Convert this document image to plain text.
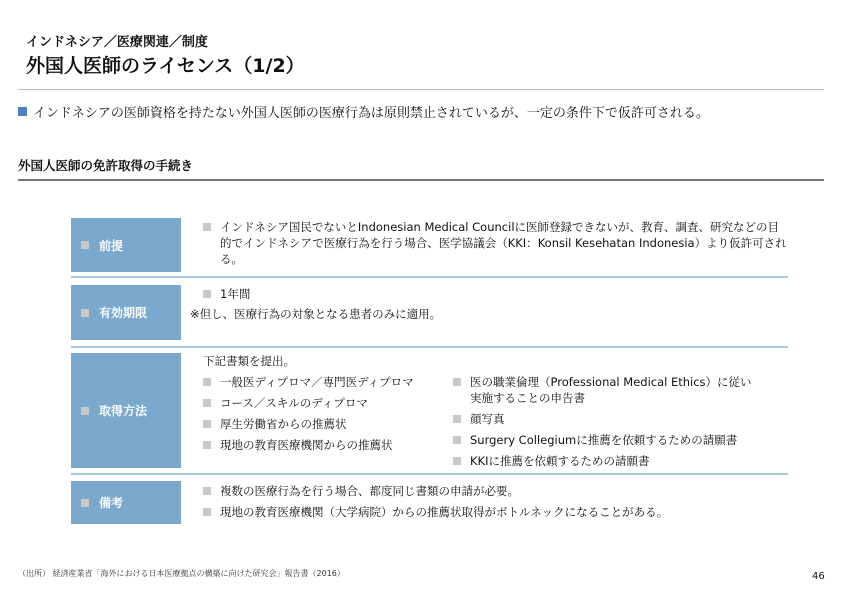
インドネシア／医療関連／制度
外国人医師のライセンス（1/2）
インドネシアの医師資格を持たない外国人医師の医療行為は原則禁止されているが、一定の条件下で仮許可される。
外国人医師の免許取得の手続き
前提
インドネシア国民でないとIndonesian Medical Councilに医師登録できないが、教育、調査、研究などの目的でインドネシアで医療行為を行う場合、医学協議会（KKI：Konsil Kesehatan Indonesia）より仮許可される。
有効期限
1年間
※但し、医療行為の対象となる患者のみに適用。
取得方法
下記書類を提出。
一般医ディプロマ／専門医ディプロマ
コース／スキルのディプロマ
厚生労働省からの推薦状
現地の教育医療機関からの推薦状
医の職業倫理（Professional Medical Ethics）に従い実施することの申告書
顔写真
Surgery Collegiumに推薦を依頼するための請願書
KKIに推薦を依頼するための請願書
備考
複数の医療行為を行う場合、都度同じ書類の申請が必要。
現地の教育医療機関（大学病院）からの推薦状取得がボトルネックになることがある。
（出所） 経済産業省「海外における日本医療拠点の構築に向けた研究会」報告書（2016）	46
